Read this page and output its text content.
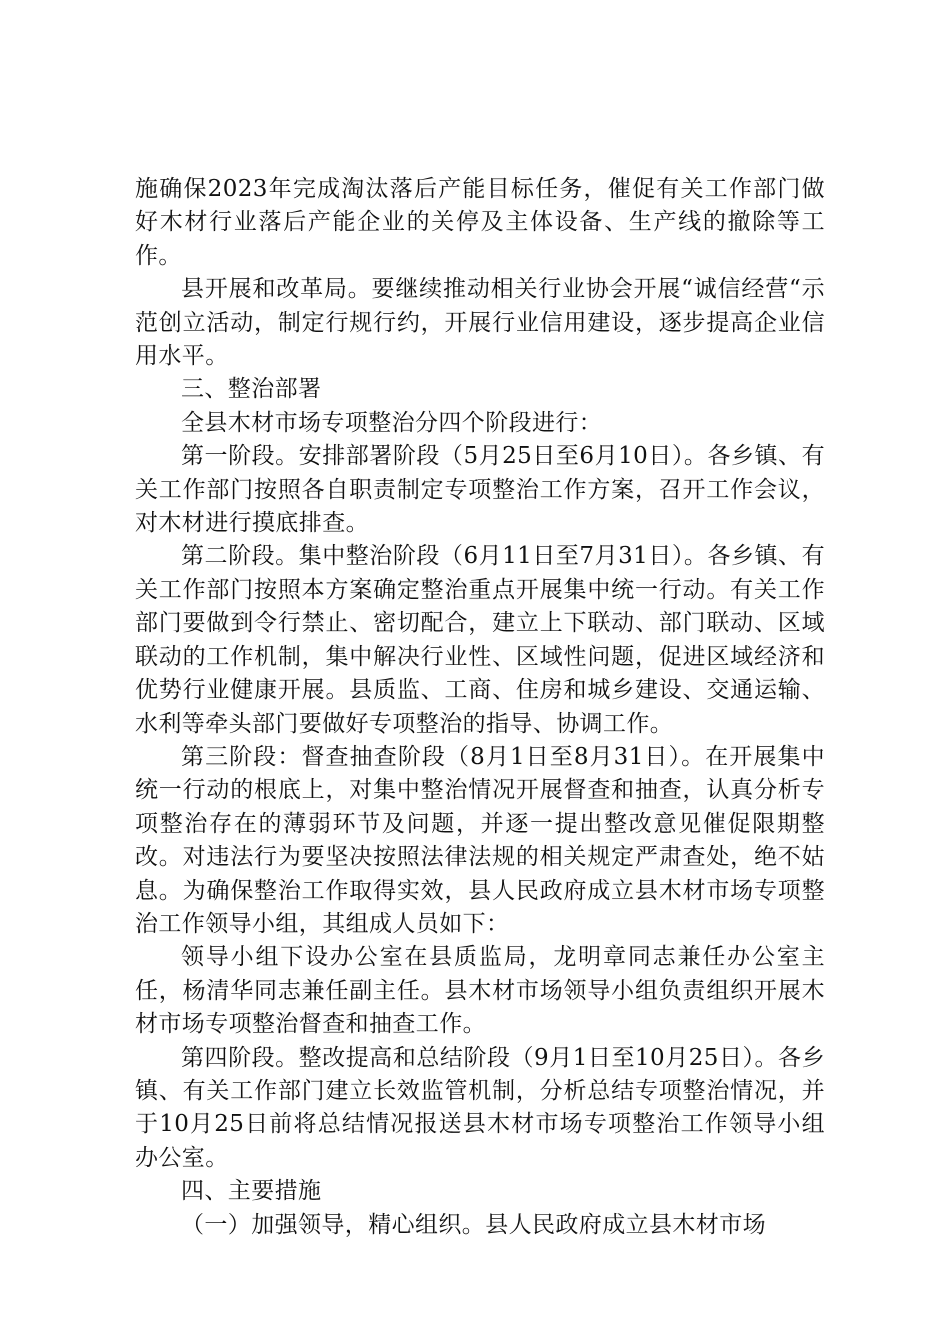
施确保2023年完成淘汰落后产能目标任务，催促有关工作部门做好木材行业落后产能企业的关停及主体设备、生产线的撤除等工作。

县开展和改革局。要继续推动相关行业协会开展“诚信经营“示范创立活动，制定行规行约，开展行业信用建设，逐步提高企业信用水平。

三、整治部署

全县木材市场专项整治分四个阶段进行：

第一阶段。安排部署阶段（5月25日至6月10日）。各乡镇、有关工作部门按照各自职责制定专项整治工作方案，召开工作会议，对木材进行摸底排查。

第二阶段。集中整治阶段（6月11日至7月31日）。各乡镇、有关工作部门按照本方案确定整治重点开展集中统一行动。有关工作部门要做到令行禁止、密切配合，建立上下联动、部门联动、区域联动的工作机制，集中解决行业性、区域性问题，促进区域经济和优势行业健康开展。县质监、工商、住房和城乡建设、交通运输、水利等牵头部门要做好专项整治的指导、协调工作。

第三阶段：督查抽查阶段（8月1日至8月31日）。在开展集中统一行动的根底上，对集中整治情况开展督查和抽查，认真分析专项整治存在的薄弱环节及问题，并逐一提出整改意见催促限期整改。对违法行为要坚决按照法律法规的相关规定严肃查处，绝不姑息。为确保整治工作取得实效，县人民政府成立县木材市场专项整治工作领导小组，其组成人员如下：

领导小组下设办公室在县质监局，龙明章同志兼任办公室主任，杨清华同志兼任副主任。县木材市场领导小组负责组织开展木材市场专项整治督查和抽查工作。

第四阶段。整改提高和总结阶段（9月1日至10月25日）。各乡镇、有关工作部门建立长效监管机制，分析总结专项整治情况，并于10月25日前将总结情况报送县木材市场专项整治工作领导小组办公室。

四、主要措施

（一）加强领导，精心组织。县人民政府成立县木材市场
